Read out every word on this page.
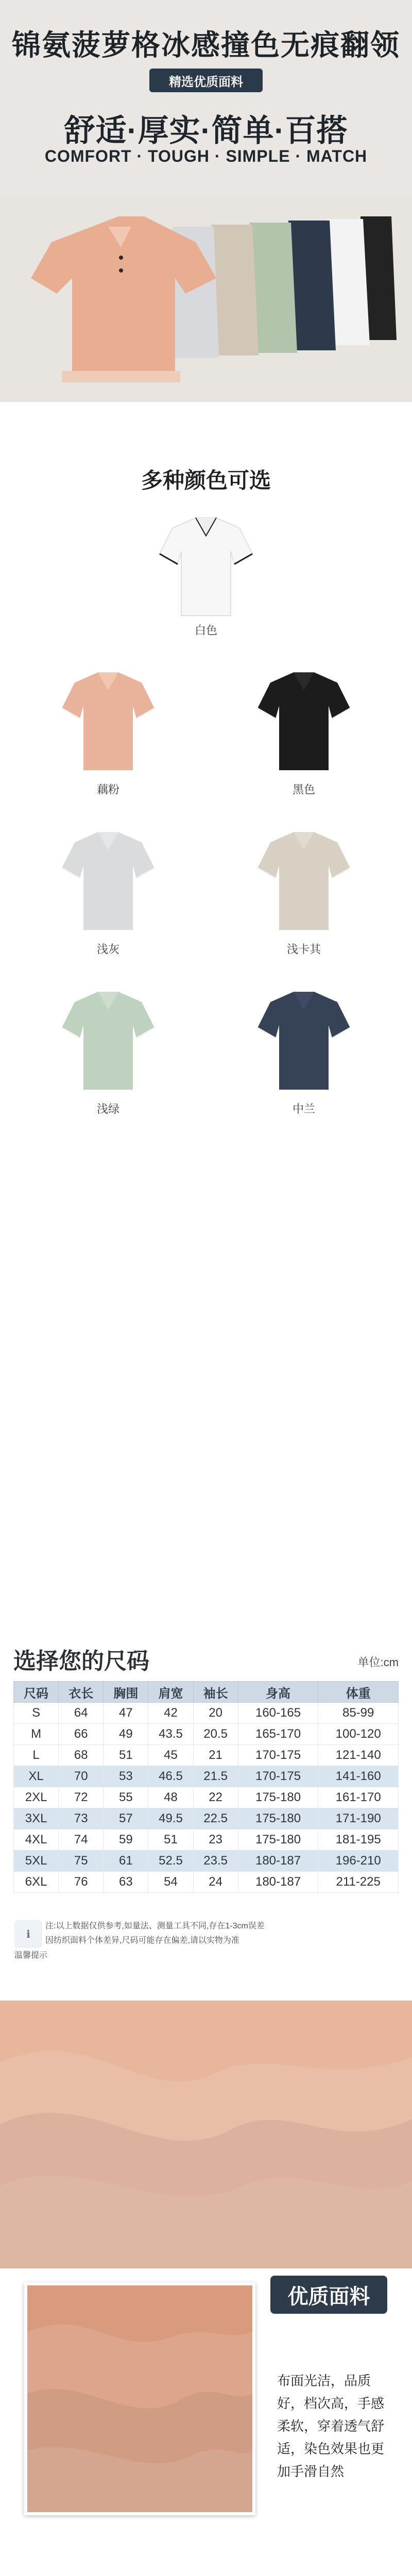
锦氨菠萝格冰感撞色无痕翻领
精选优质面料
舒适·厚实·简单·百搭
COMFORT · TOUGH · SIMPLE · MATCH
多种颜色可选
白色
藕粉	黑色
浅灰	浅卡其
浅绿	中兰
选择您的尺码	单位:cm
尺码	衣长	胸围	肩宽	袖长	身高	体重
S	64	47	42	20	160-165	85-99
M	66	49	43.5	20.5	165-170	100-120
L	68	51	45	21	170-175	121-140
XL	70	53	46.5	21.5	170-175	141-160
2XL	72	55	48	22	175-180	161-170
3XL	73	57	49.5	22.5	175-180	171-190
4XL	74	59	51	23	175-180	181-195
5XL	75	61	52.5	23.5	180-187	196-210
6XL	76	63	54	24	180-187	211-225
ℹ
温馨提示
注:以上数据仅供参考,如量法、测量工具不同,存在1-3cm误差
因纺织面料个体差异,尺码可能存在偏差,请以实物为准
优质面料
88%锦纶
12%氨纶
布面光洁，品质好，档次高，手感柔软，穿着透气舒适，染色效果也更加手滑自然
